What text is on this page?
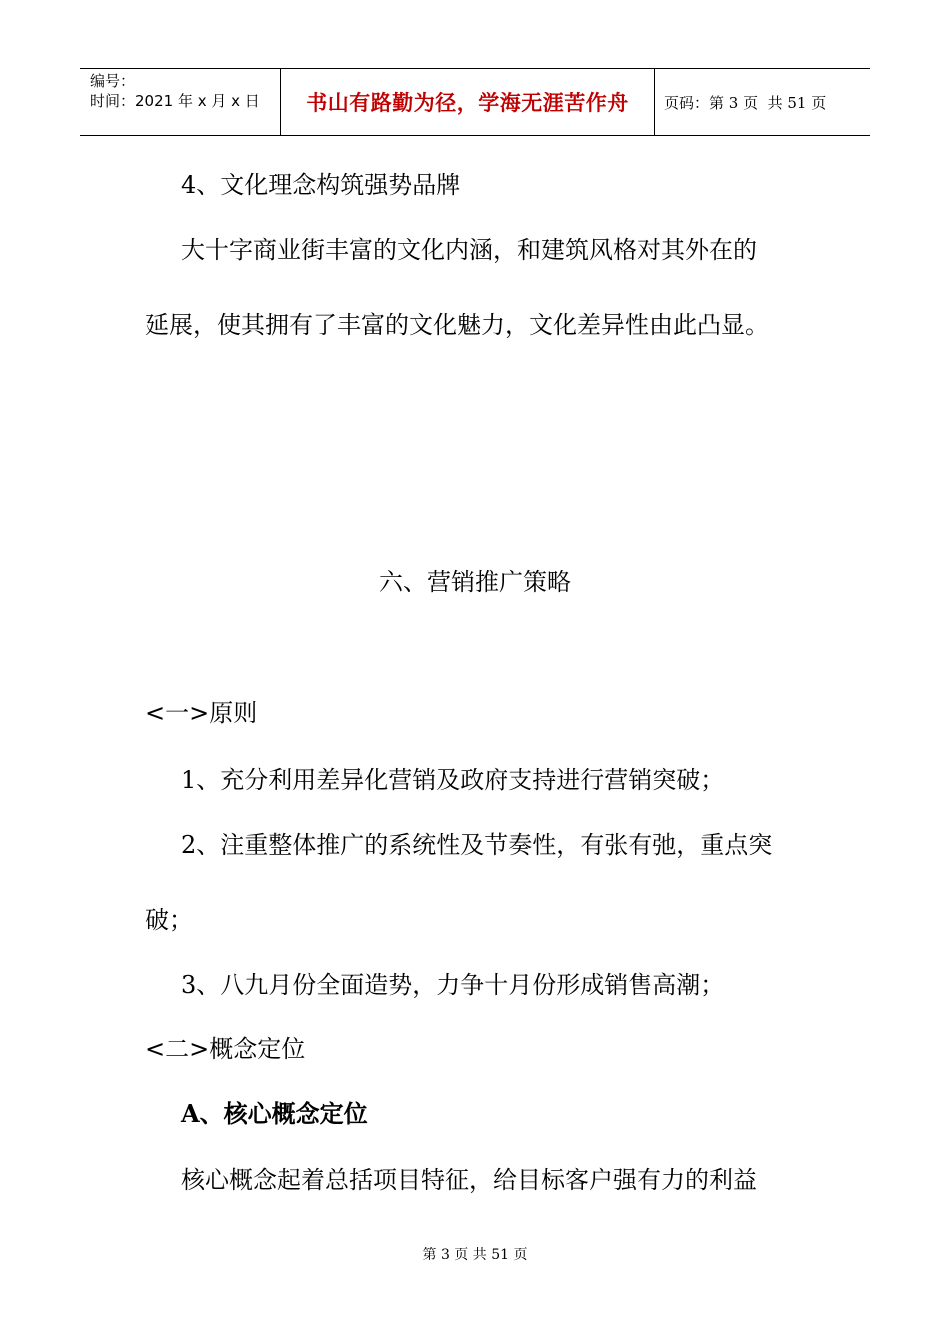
编号：
时间：2021 年 x 月 x 日	书山有路勤为径，学海无涯苦作舟	页码：第 3 页  共 51 页
4、文化理念构筑强势品牌
大十字商业街丰富的文化内涵，和建筑风格对其外在的
延展，使其拥有了丰富的文化魅力，文化差异性由此凸显。
六、营销推广策略
<一>原则
1、充分利用差异化营销及政府支持进行营销突破；
2、注重整体推广的系统性及节奏性，有张有弛，重点突
破；
3、八九月份全面造势，力争十月份形成销售高潮；
<二>概念定位
A、核心概念定位
核心概念起着总括项目特征，给目标客户强有力的利益
第 3 页 共 51 页
